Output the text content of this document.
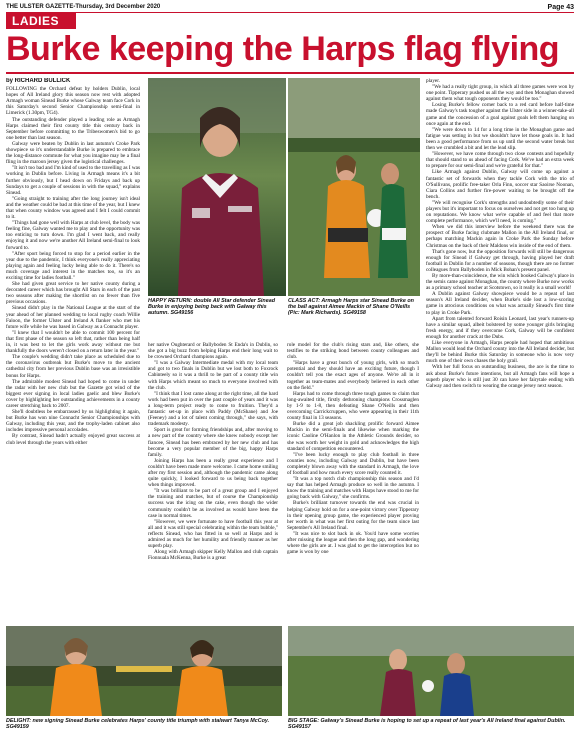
THE ULSTER GAZETTE-Thursday, 3rd December 2020	Page 43
LADIES
Burke keeping the Harps flag flying
HAPPY RETURN: double All Star defender Sinead Burke in enjoying being back with Galway this autumn. SG49156
CLASS ACT: Armagh Harps star Sinead Burke on the ball against Aimee Mackin of Shane O'Neills (Pic: Mark Richards). SG49158
by RICHARD BULLICK

FOLLOWING the Orchard defeat by holders Dublin, local hopes of All Ireland glory this season now rest with adopted Armagh woman Sinead Burke whose Galway team face Cork in this Saturday's second Senior Championship semi-final in Limerick (1.30pm, TG4).

The outstanding defender played a leading role as Armagh Harps claimed their first county title this century back in September before committing to the Tribeswomen's bid to go one better than last season.

Galway were beaten by Dublin in last autumn's Croke Park showpiece so it's understandable Burke is prepared to embrace the long-distance commute for what you imagine may be a final fling in the maroon jersey given the logistical challenges.

"It isn't too bad and I'm kind of used to the travelling as I was working in Dublin before. Living in Armagh means it's a bit further obviously, but I head down on Fridays and back up Sundays to get a couple of sessions in with the squad," explains Sinead.

"Going straight to training after the long journey isn't ideal and the weather could be bad at this time of the year, but I knew that when county window was agreed and I felt I could commit to it.

"Things had gone well with Harps at club level, the body was feeling fine, Galway wanted me to play and the opportunity was too enticing to turn down. I'm glad I went back, and really enjoying it and now we're another All Ireland semi-final to look forward to.

"After sport being forced to stop for a period earlier in the year due to the pandemic, I think everyone's really appreciating playing again and feeling lucky being able to do it. There's so much coverage and interest in the matches too, so it's an exciting time for ladies football."

She had given great service to her native county during a decorated career which has brought All Stars in each of the past two seasons after making the shortlist on no fewer than five previous occasions.

Sinead didn't play in the National League at the start of the year ahead of her planned wedding to local rugby coach Willie Faloon, the former Ulster and Ireland A flanker who met his future wife while he was based in Galway as a Connacht player.

"I knew that I wouldn't be able to commit 100 percent for that first phase of the season so left that, rather than being half in, it was best to let the girls work away without me but thankfully the doors weren't closed on a return later in the year."

The couple's wedding didn't take place as scheduled due to the coronavirus outbreak but Burke's move to the ancient cathedral city from her previous Dublin base was an irresistible bonus for Harps.

The admirable modest Sinead had hoped to come in under the radar with her new club but the Gazette got wind of the biggest ever signing in local ladies gaelic and blew Burke's cover by highlighting her outstanding achievements in a county career stretching back to 2007.

She'll doubtless be embarrassed by us highlighting it again, but Burke has won nine Connacht Senior Championships with Galway, including this year, and the trophy-laden cabinet also includes impressive personal accolades.

By contrast, Sinead hadn't actually enjoyed great success at club level through the years with either

her native Oughterard or Ballyboden St Enda's in Dublin, so she got a big buzz from helping Harps end their long wait to be crowned Orchard champions again.

"I was a Galway Intermediate medal with my local team and got to two finals in Dublin but we lost both to Foxrock Cabinteely so it was a thrill to be part of a county title win with Harps which meant so much to everyone involved with the club.

"I think that I lost came along at the right time, all the hard work had been put in over the past couple of years and it was a long-term project ready to come to fruition. They'd a fantastic set-up in place with Paddy (McShane) and Joe (Feeney) and a lot of talent coming through," she says, with trademark modesty.

Sport is great for forming friendships and, after moving to a new part of the country where she knew nobody except her fiancee, Sinead has been embraced by her new club and has become a very popular member of the big, happy Harps family.

Joining Harps has been a really great experience and I couldn't have been made more welcome. I came home smiling after my first session and, although the pandemic came along quite quickly, I looked forward to us being back together when things improved.

"It was brilliant to be part of a great group and I enjoyed the training and matches, but of course the Championship success was the icing on the cake, even though the wider community couldn't be as involved as would have been the case in normal times.

"However, we were fortunate to have football this year at all and it was still special celebrating within the team bubble," reflects Sinead, who has fitted in so well at Harps and is admired as much for her humility and friendly manner as her superb play.

Along with Armagh skipper Kelly Mallon and club captain Fionnuala McKenna, Burke is a great

role model for the club's rising stars and, like others, she testifies to the striking bond between county colleagues and club.

"Harps have a great bunch of young girls, with so much potential and they should have an exciting future, though I couldn't tell you the exact ages of anyone. We're all in it together as team-mates and everybody believed in each other on the field."

Harps had to come through three tough games to claim that long-awaited title, firstly dethroning champions Crossmaglen by 1-9 to 1-8, then defeating Shane O'Neills and then overcoming Carrickcruppen, who were appearing in their 11th county final in 13 seasons.

Burke did a great job shackling prolific forward Aimee Mackin in the semi-finals and likewise when marking the iconic Caoline O'Hanlon in the Athletic Grounds decider, so she was worth her weight in gold and acknowledges the high standard of competition encountered.

"I've been lucky enough to play club football in three counties now, including Galway and Dublin, but have been completely blown away with the standard in Armagh, the love of football and how much every score really counted it.

"It was a top notch club championship this season and I'd say that has helped Armagh produce so well in the autumn. I know the training and matches with Harps have stood to me for going back with Galway," she confirms.

Burke's brilliant turnover towards the end was crucial in helping Galway hold on for a one-point victory over Tipperary in their opening group game, the experienced player proving her worth in what was her first outing for the team since last September's All Ireland final.

"It was nice to slot back in ok. You'd have some worries after missing the league and then the long gap, and wondering where the girls are at. I was glad to get the interception but no game is won by one

player.

"We had a really tight group, in which all three games were won by one point. Tipperary pushed us all the way and then Monaghan showed against them what tough opponents they would be too."

Losing Burke's fellow corner back to a red card before half-time made Galway's task tougher against the Ulster side in a winner-take-all game and the concession of a goal against goals left them hanging on once again at the end.

"We were down to 14 for a long time in the Monaghan game and fatigue was setting in but we shouldn't have let those goals in. It had been a good performance from us up until the second water break but then we crumbled a bit and let the lead slip.

"However, we have come through two close contests and hopefully that should stand to us ahead of facing Cork. We've had an extra week to prepare for our semi-final and we're grateful for that."

Like Armagh against Dublin, Galway will come up against a fantastic set of forwards when they tackle Cork with the trio of O'Sullivans, prolific free-taker Orla Finn, soccer star Saoirse Noonan, Ciara Collins and further fire-power waiting to be brought off the bench.

"We will recognise Cork's strengths and undoubtedly some of their players but it's important to focus on ourselves and not get too hung up on reputations. We know what we're capable of and feel that more complete performance, which we'll need, is coming."

When we did this interview before the weekend there was the prospect of Burke facing clubmate Mallon in the All Ireland final, or perhaps matching Mackin again in Croke Park the Sunday before Christmas on the back of their Maldons win inside of the end of them.

That's gone now, but the opposition forwards will still be dangerous enough for Sinead if Galway get through, having played her draft football in Dublin for a number of seasons, though there are no former colleagues from Ballyboden in Mick Bohan's present panel.

By more-than-coincidence, the win which booked Galway's place in the semis came against Monaghan, the county where Burke now works as a primary school teacher at Scotstown, so it really is a small world!

A Dublin against Galway showpiece would be a repeat of last season's All Ireland decider, when Burke's side lost a low-scoring game in atrocious conditions on what was actually Sinead's first time to play in Croke Park.

Apart from talented forward Roisin Leonard, last year's runners-up have a similar squad, albeit bolstered by some younger girls bringing fresh energy, and if they overcome Cork, Galway will be confident enough for another crack at the Dubs.

Like everyone in Armagh, Harps people had hoped that ambitious Mallon would lead the Orchard county into the All Ireland decider, but they'll be behind Burke this Saturday in someone who is now very much one of their own chases the holy grail.

With her full focus on outstanding business, the ace is the time to ask about Burke's future intentions, but all Armagh fans will hope a superb player who is still just 30 can have her fairytale ending with Galway and then switch to wearing the orange jersey next season.

DELIGHT: new signing Sinead Burke celebrates Harps' county title triumph with stalwart Tanya McCoy. SG49159
BIG STAGE: Galway's Sinead Burke is hoping to set up a repeat of last year's All Ireland final against Dublin. SG49157
